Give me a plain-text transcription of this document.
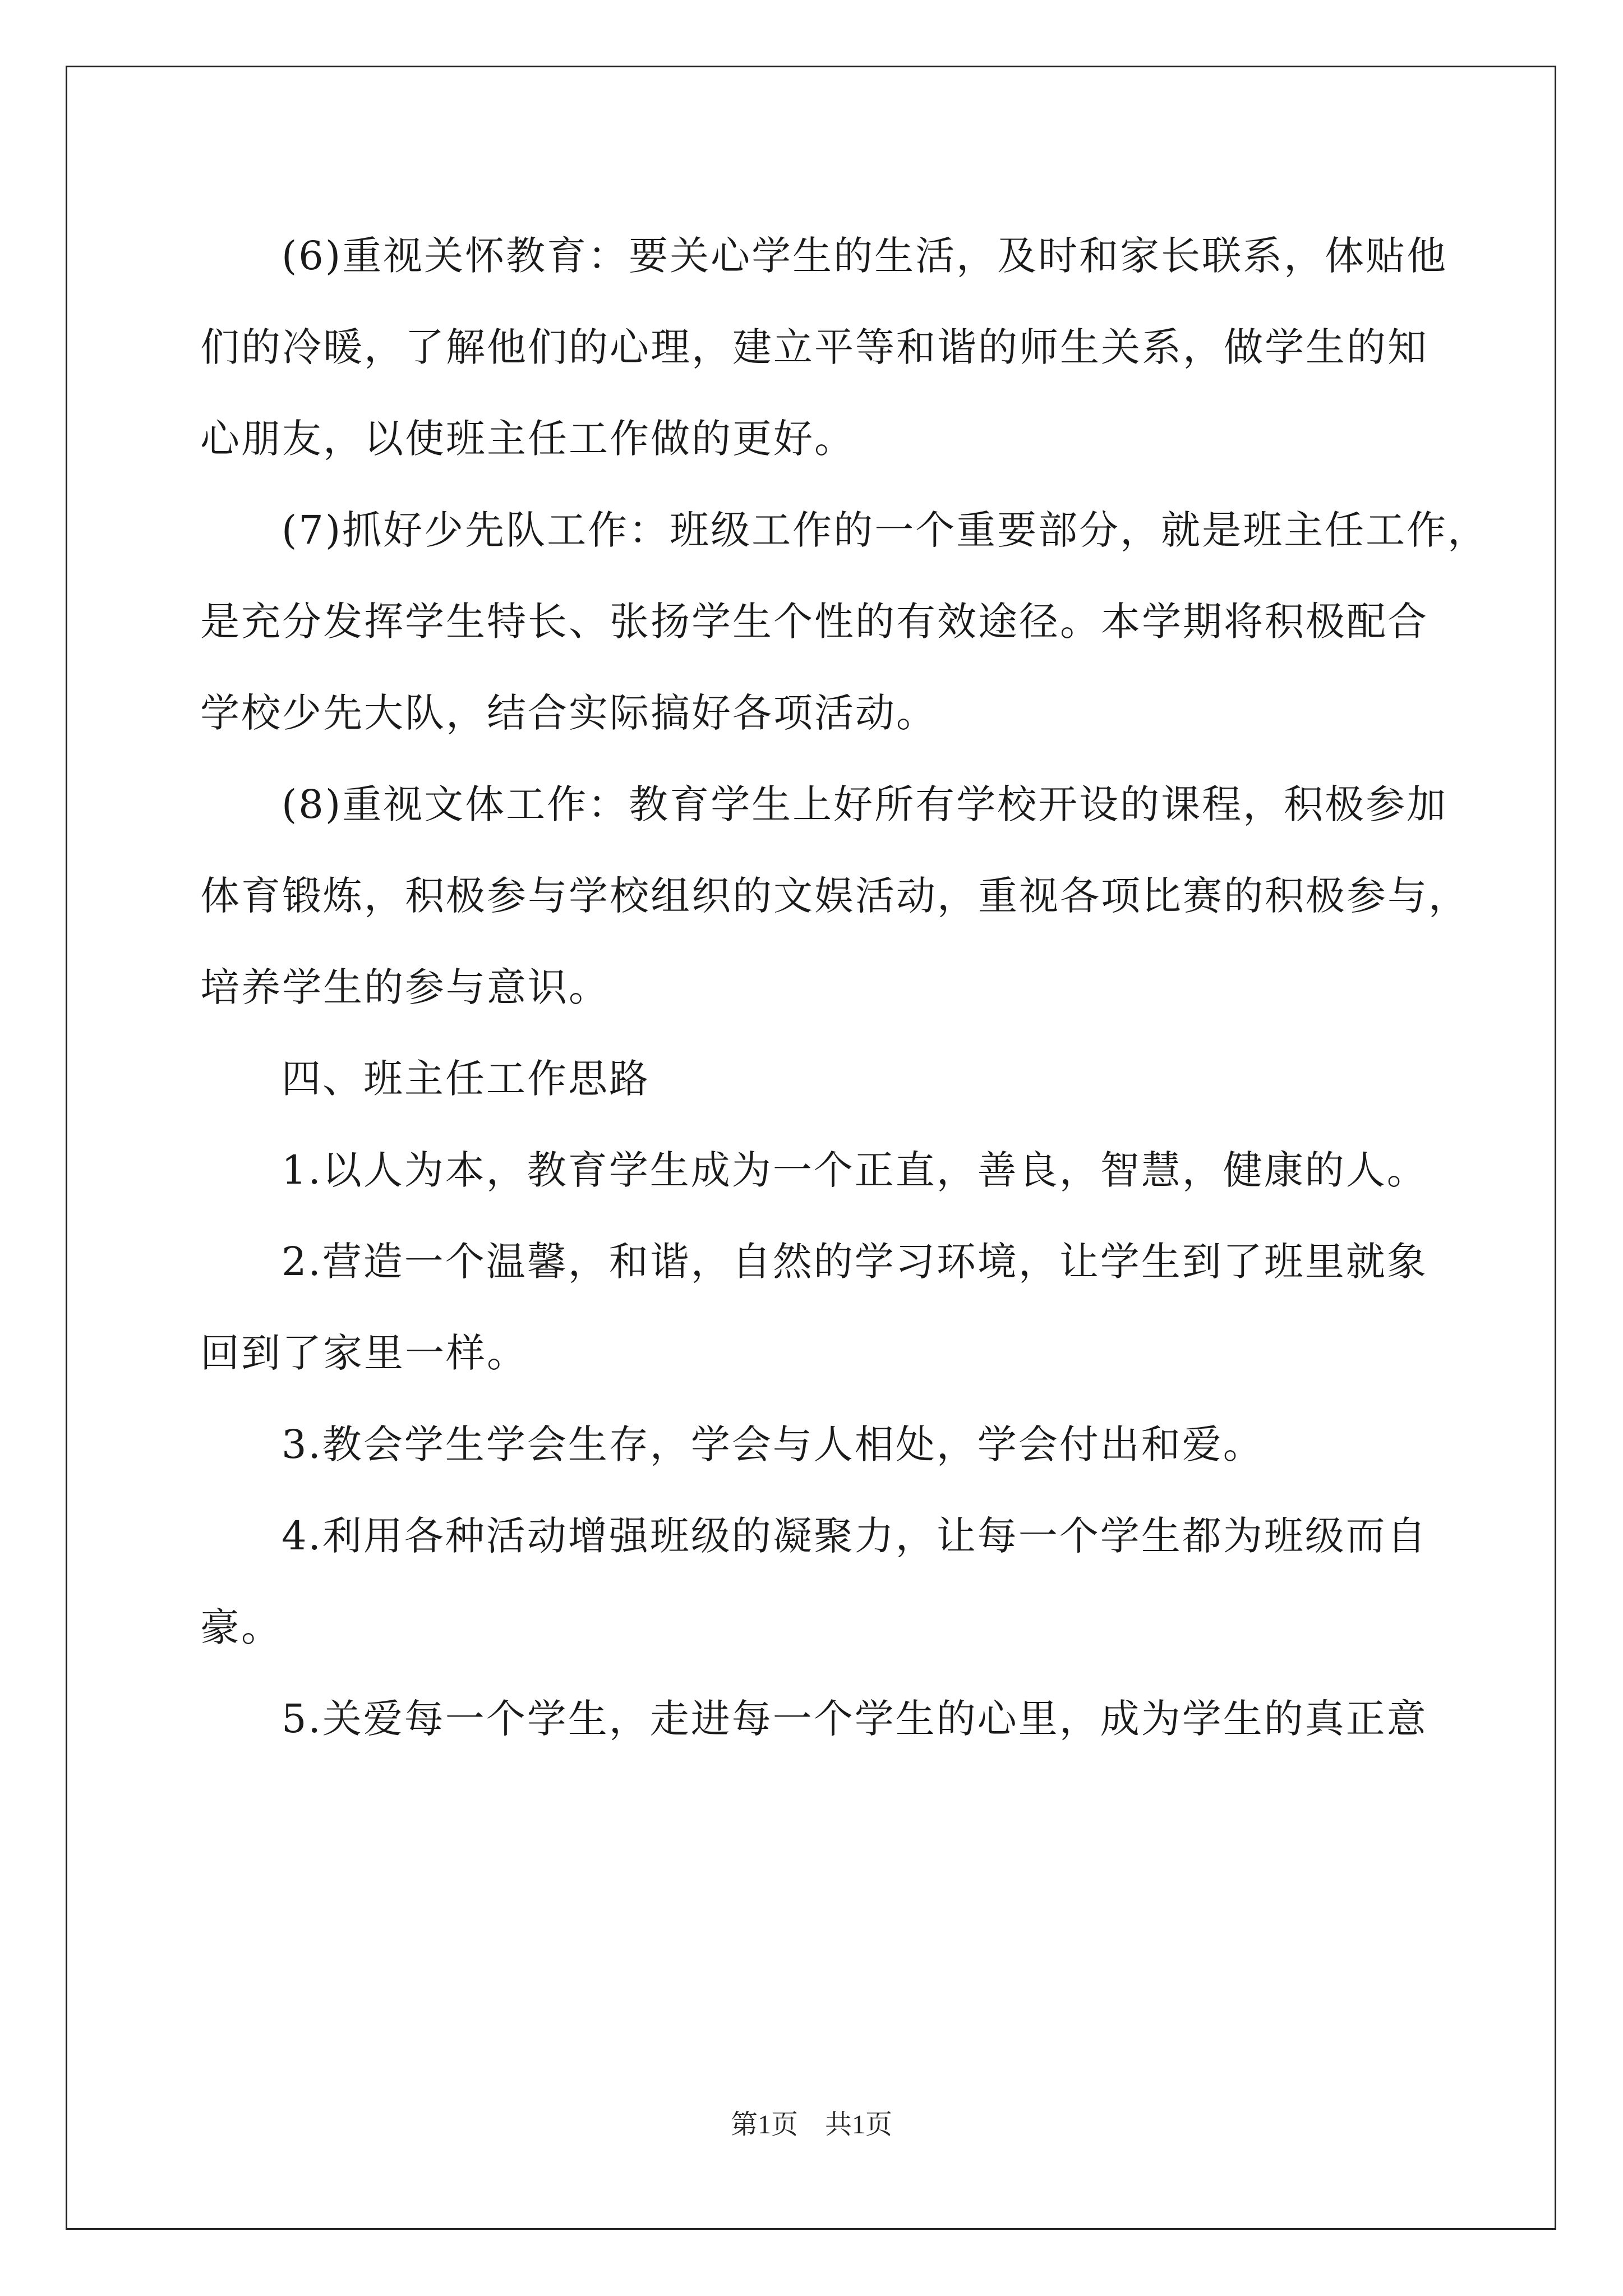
(6)重视关怀教育：要关心学生的生活，及时和家长联系，体贴他
们的冷暖，了解他们的心理，建立平等和谐的师生关系，做学生的知
心朋友，以使班主任工作做的更好。
(7)抓好少先队工作：班级工作的一个重要部分，就是班主任工作，
是充分发挥学生特长、张扬学生个性的有效途径。本学期将积极配合
学校少先大队，结合实际搞好各项活动。
(8)重视文体工作：教育学生上好所有学校开设的课程，积极参加
体育锻炼，积极参与学校组织的文娱活动，重视各项比赛的积极参与，
培养学生的参与意识。
四、班主任工作思路
1.以人为本，教育学生成为一个正直，善良，智慧，健康的人。
2.营造一个温馨，和谐，自然的学习环境，让学生到了班里就象
回到了家里一样。
3.教会学生学会生存，学会与人相处，学会付出和爱。
4.利用各种活动增强班级的凝聚力，让每一个学生都为班级而自
豪。
5.关爱每一个学生，走进每一个学生的心里，成为学生的真正意
第1页　共1页
